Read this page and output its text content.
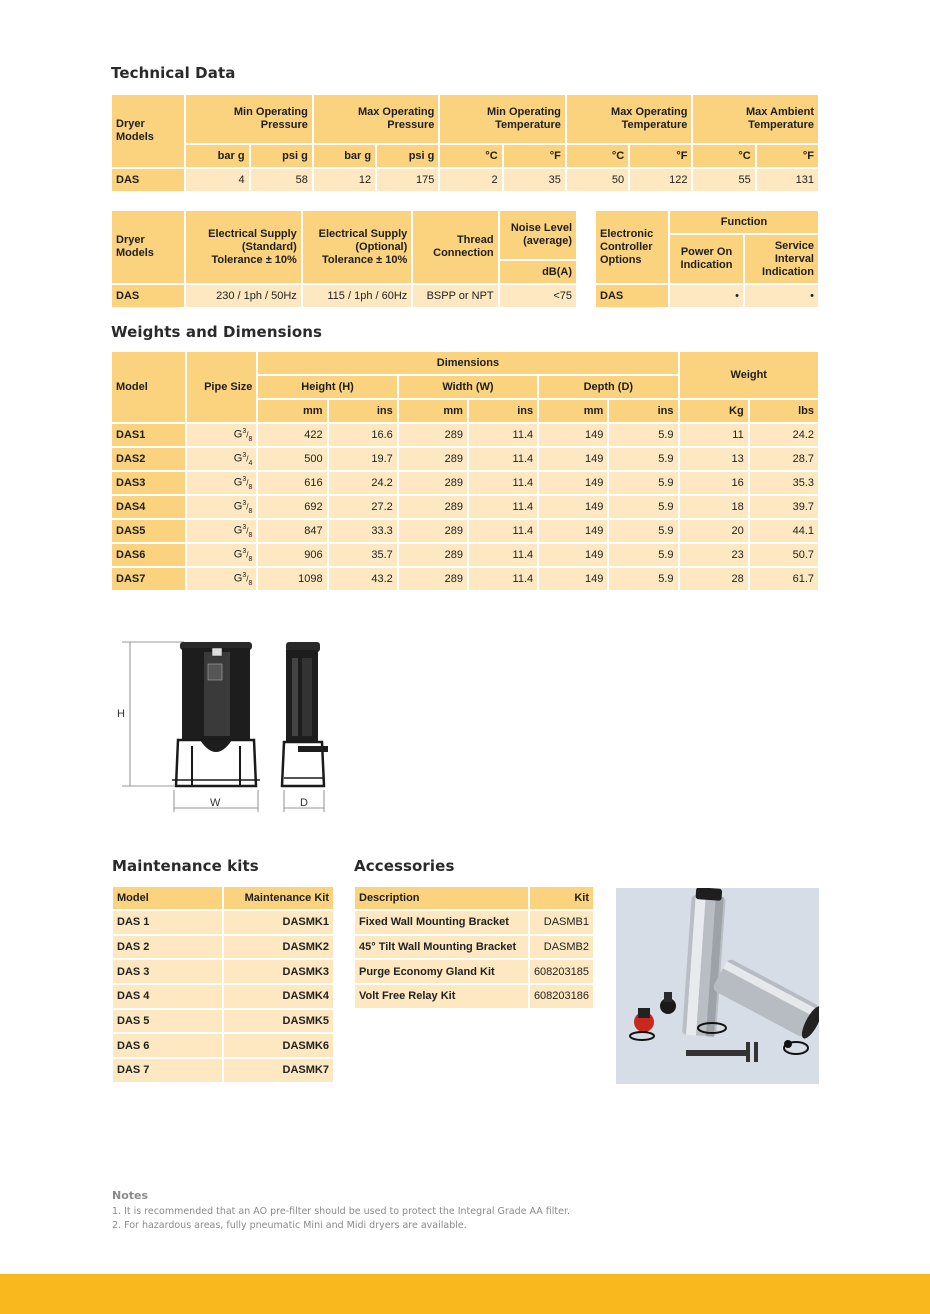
Technical Data
Weights and Dimensions
Maintenance kits	Accessories
Dryer Models	Min Operating Pressure		Max Operating Pressure		Min Operating Temperature		Max Operating Temperature		Max Ambient Temperature	
	bar g	psi g	bar g	psi g	°C	°F	°C	°F	°C	°F
DAS	4	58	12	175	2	35	50	122	55	131
Dryer Models	Electrical Supply (Standard) Tolerance ± 10%	Electrical Supply (Optional) Tolerance ± 10%	Thread Connection	Noise Level (average)
				dB(A)
DAS	230 / 1ph / 50Hz	115 / 1ph / 60Hz	BSPP or NPT	<75
Electronic Controller Options	Function	
	Power On Indication	Service Interval Indication
DAS	•	•
Model	Pipe Size	Dimensions						Weight	
		Height (H)		Width (W)		Depth (D)			
		mm	ins	mm	ins	mm	ins	Kg	lbs
DAS1	$G^3/_8$	422	16.6	289	11.4	149	5.9	11	24.2
DAS2	$G^3/_4$	500	19.7	289	11.4	149	5.9	13	28.7
DAS3	$G^3/_8$	616	24.2	289	11.4	149	5.9	16	35.3
DAS4	$G^3/_8$	692	27.2	289	11.4	149	5.9	18	39.7
DAS5	$G^3/_8$	847	33.3	289	11.4	149	5.9	20	44.1
DAS6	$G^3/_8$	906	35.7	289	11.4	149	5.9	23	50.7
DAS7	$G^3/_8$	1098	43.2	289	11.4	149	5.9	28	61.7
H
W	D
Model	Maintenance Kit
DAS 1	DASMK1
DAS 2	DASMK2
DAS 3	DASMK3
DAS 4	DASMK4
DAS 5	DASMK5
DAS 6	DASMK6
DAS 7	DASMK7
Description	Kit
Fixed Wall Mounting Bracket	DASMB1
45° Tilt Wall Mounting Bracket	DASMB2
Purge Economy Gland Kit	608203185
Volt Free Relay Kit	608203186
Notes
1. It is recommended that an AO pre-filter should be used to protect the Integral Grade AA filter.
2. For hazardous areas, fully pneumatic Mini and Midi dryers are available.
